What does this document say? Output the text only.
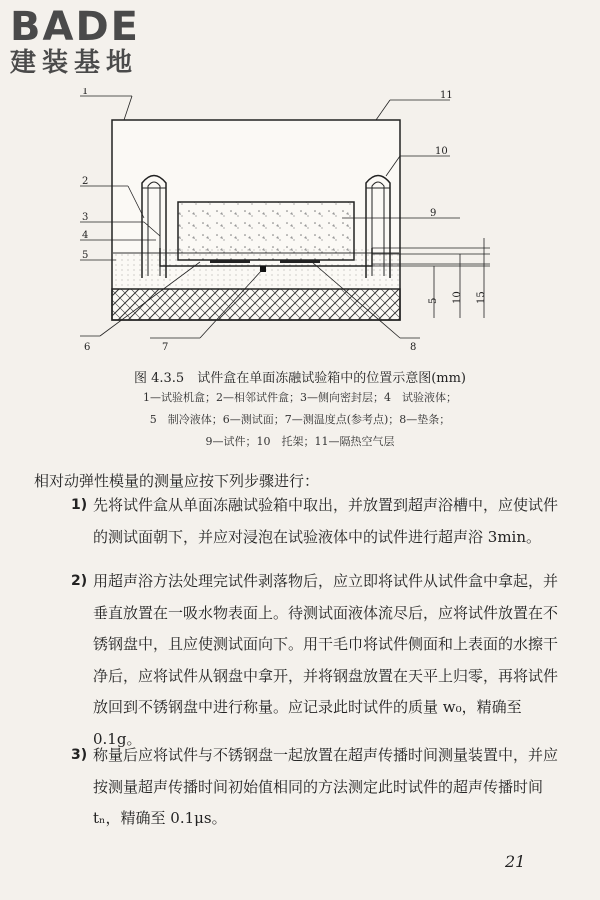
BADE
建装基地
1	11
10
2
3
4
5
9
6	7	8
5 10 15
图 4.3.5　试件盒在单面冻融试验箱中的位置示意图(mm)
1—试验机盒；2—相邻试件盒；3—侧向密封层；4　试验液体；
5　制冷液体；6—测试面；7—测温度点(参考点)；8—垫条；
9—试件；10　托架；11—隔热空气层
相对动弹性模量的测量应按下列步骤进行：
1) 先将试件盒从单面冻融试验箱中取出，并放置到超声浴槽中，应使试件的测试面朝下，并应对浸泡在试验液体中的试件进行超声浴 3min。
2) 用超声浴方法处理完试件剥落物后，应立即将试件从试件盒中拿起，并垂直放置在一吸水物表面上。待测试面液体流尽后，应将试件放置在不锈钢盘中，且应使测试面向下。用干毛巾将试件侧面和上表面的水擦干净后，应将试件从钢盘中拿开，并将钢盘放置在天平上归零，再将试件放回到不锈钢盘中进行称量。应记录此时试件的质量 w₀，精确至 0.1g。
3) 称量后应将试件与不锈钢盘一起放置在超声传播时间测量装置中，并应按测量超声传播时间初始值相同的方法测定此时试件的超声传播时间 tₙ，精确至 0.1μs。
21
